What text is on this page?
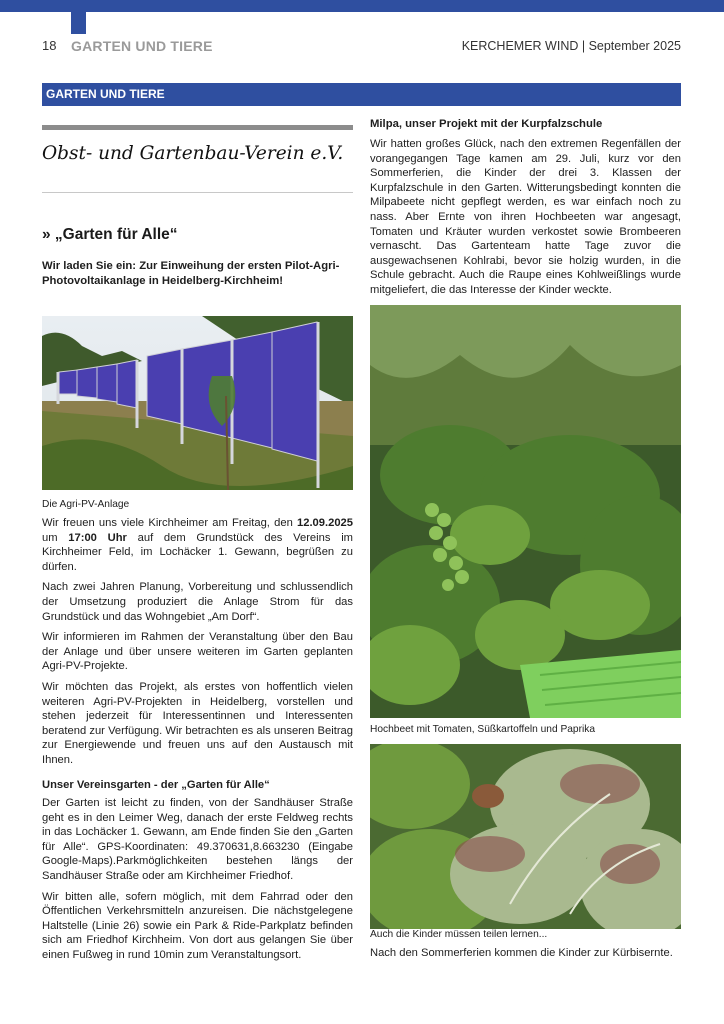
18 GARTEN UND TIERE	KERCHEMER WIND | September 2025
GARTEN UND TIERE
Obst- und Gartenbau-Verein e.V.
» „Garten für Alle“
Wir laden Sie ein: Zur Einweihung der ersten Pilot-Agri-Photovoltaikanlage in Heidelberg-Kirchheim!
Die Agri-PV-Anlage

Wir freuen uns viele Kirchheimer am Freitag, den 12.09.2025 um 17:00 Uhr auf dem Grundstück des Vereins im Kirchheimer Feld, im Lochäcker 1. Gewann, begrüßen zu dürfen.

Nach zwei Jahren Planung, Vorbereitung und schlussendlich der Umsetzung produziert die Anlage Strom für das Grundstück und das Wohngebiet „Am Dorf“.

Wir informieren im Rahmen der Veranstaltung über den Bau der Anlage und über unsere weiteren im Garten geplanten Agri-PV-Projekte.

Wir möchten das Projekt, als erstes von hoffentlich vielen weiteren Agri-PV-Projekten in Heidelberg, vorstellen und stehen jederzeit für Interessentinnen und Interessenten beratend zur Verfügung. Wir betrachten es als unseren Beitrag zur Energiewende und freuen uns auf den Austausch mit Ihnen.

Unser Vereinsgarten - der „Garten für Alle“

Der Garten ist leicht zu finden, von der Sandhäuser Straße geht es in den Leimer Weg, danach der erste Feldweg rechts in das Lochäcker 1. Gewann, am Ende finden Sie den „Garten für Alle“. GPS-Koordinaten: 49.370631,8.663230 (Eingabe Google-Maps).Parkmöglichkeiten bestehen längs der Sandhäuser Straße oder am Kirchheimer Friedhof.

Wir bitten alle, sofern möglich, mit dem Fahrrad oder den Öffentlichen Verkehrsmitteln anzureisen. Die nächstgelegene Haltstelle (Linie 26) sowie ein Park & Ride-Parkplatz befinden sich am Friedhof Kirchheim. Von dort aus gelangen Sie über einen Fußweg in rund 10min zum Veranstaltungsort.

Milpa, unser Projekt mit der Kurpfalzschule

Wir hatten großes Glück, nach den extremen Regenfällen der vorangegangen Tage kamen am 29. Juli, kurz vor den Sommerferien, die Kinder der drei 3. Klassen der Kurpfalzschule in den Garten. Witterungsbedingt konnten die Milpabeete nicht gepflegt werden, es war einfach noch zu nass. Aber Ernte von ihren Hochbeeten war angesagt, Tomaten und Kräuter wurden verkostet sowie Brombeeren vernascht. Das Gartenteam hatte Tage zuvor die ausgewachsenen Kohlrabi, bevor sie holzig wurden, in die Schule gebracht. Auch die Raupe eines Kohlweißlings wurde mitgeliefert, die das Interesse der Kinder weckte.

Hochbeet mit Tomaten, Süßkartoffeln und Paprika
Auch die Kinder müssen teilen lernen...

Nach den Sommerferien kommen die Kinder zur Kürbisernte.
